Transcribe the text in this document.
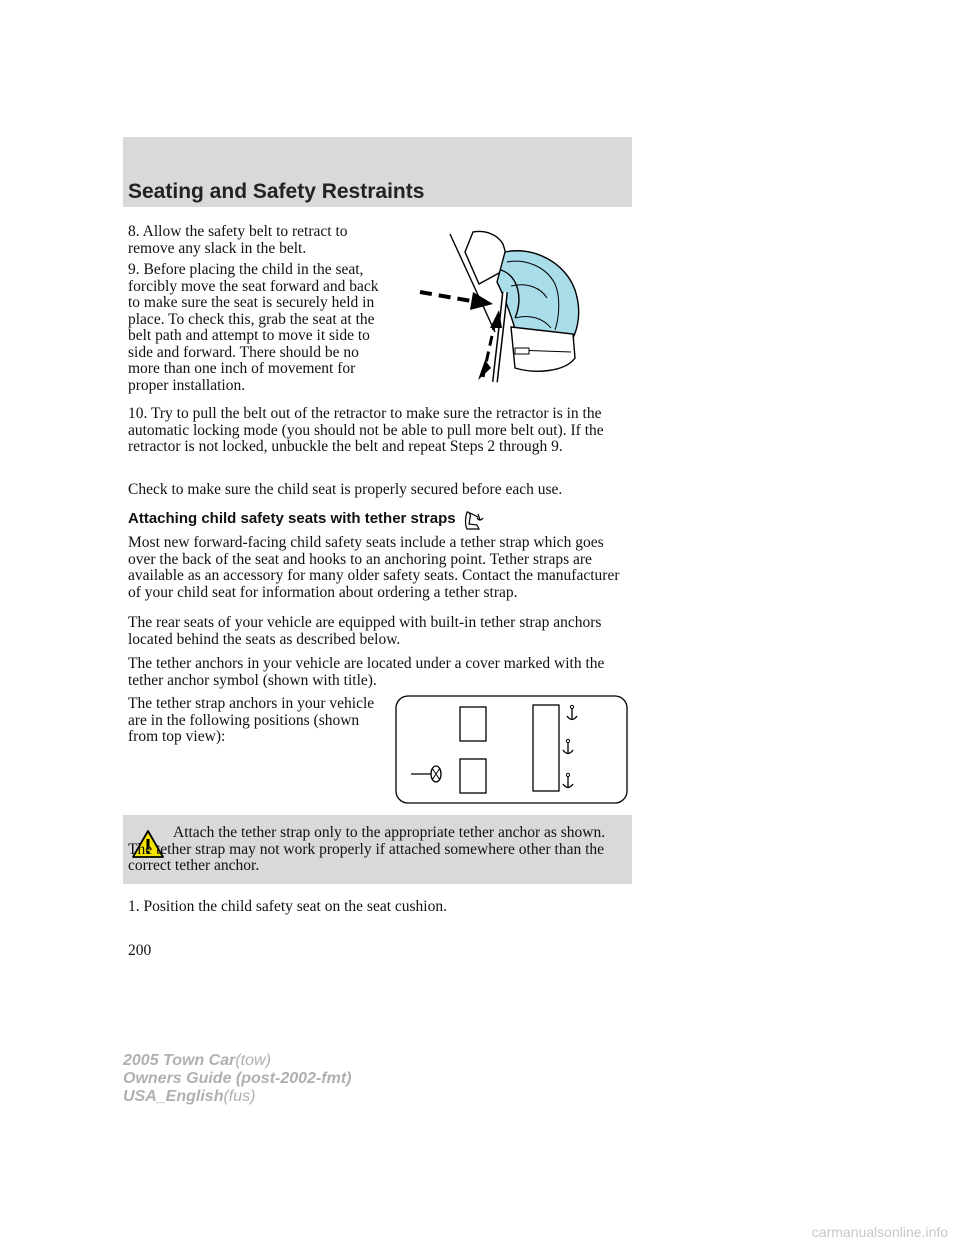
Seating and Safety Restraints

8. Allow the safety belt to retract to remove any slack in the belt.

9. Before placing the child in the seat, forcibly move the seat forward and back to make sure the seat is securely held in place. To check this, grab the seat at the belt path and attempt to move it side to side and forward. There should be no more than one inch of movement for proper installation.

10. Try to pull the belt out of the retractor to make sure the retractor is in the automatic locking mode (you should not be able to pull more belt out). If the retractor is not locked, unbuckle the belt and repeat Steps 2 through 9.

Check to make sure the child seat is properly secured before each use.

Attaching child safety seats with tether straps

Most new forward-facing child safety seats include a tether strap which goes over the back of the seat and hooks to an anchoring point. Tether straps are available as an accessory for many older safety seats. Contact the manufacturer of your child seat for information about ordering a tether strap.

The rear seats of your vehicle are equipped with built-in tether strap anchors located behind the seats as described below.

The tether anchors in your vehicle are located under a cover marked with the tether anchor symbol (shown with title).

The tether strap anchors in your vehicle are in the following positions (shown from top view):

Attach the tether strap only to the appropriate tether anchor as shown. The tether strap may not work properly if attached somewhere other than the correct tether anchor.

1. Position the child safety seat on the seat cushion.

200
2005 Town Car(tow)
Owners Guide (post-2002-fmt)
USA_English(fus)
carmanualsonline.info
